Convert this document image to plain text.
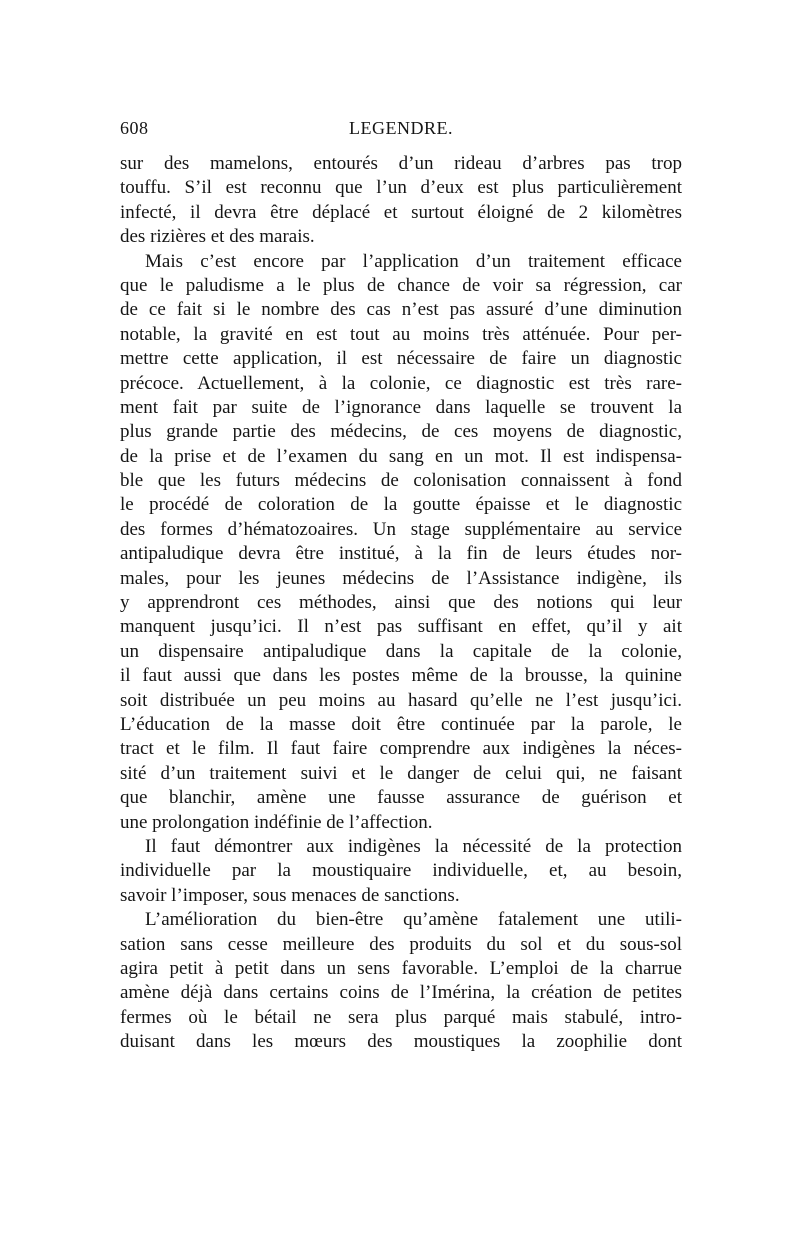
608	LEGENDRE.
sur des mamelons, entourés d’un rideau d’arbres pas trop
touffu. S’il est reconnu que l’un d’eux est plus particulièrement
infecté, il devra être déplacé et surtout éloigné de 2 kilomètres
des rizières et des marais.
Mais c’est encore par l’application d’un traitement efficace
que le paludisme a le plus de chance de voir sa régression, car
de ce fait si le nombre des cas n’est pas assuré d’une diminution
notable, la gravité en est tout au moins très atténuée. Pour per-
mettre cette application, il est nécessaire de faire un diagnostic
précoce. Actuellement, à la colonie, ce diagnostic est très rare-
ment fait par suite de l’ignorance dans laquelle se trouvent la
plus grande partie des médecins, de ces moyens de diagnostic,
de la prise et de l’examen du sang en un mot. Il est indispensa-
ble que les futurs médecins de colonisation connaissent à fond
le procédé de coloration de la goutte épaisse et le diagnostic
des formes d’hématozoaires. Un stage supplémentaire au service
antipaludique devra être institué, à la fin de leurs études nor-
males, pour les jeunes médecins de l’Assistance indigène, ils
y apprendront ces méthodes, ainsi que des notions qui leur
manquent jusqu’ici. Il n’est pas suffisant en effet, qu’il y ait
un dispensaire antipaludique dans la capitale de la colonie,
il faut aussi que dans les postes même de la brousse, la quinine
soit distribuée un peu moins au hasard qu’elle ne l’est jusqu’ici.
L’éducation de la masse doit être continuée par la parole, le
tract et le film. Il faut faire comprendre aux indigènes la néces-
sité d’un traitement suivi et le danger de celui qui, ne faisant
que blanchir, amène une fausse assurance de guérison et
une prolongation indéfinie de l’affection.
Il faut démontrer aux indigènes la nécessité de la protection
individuelle par la moustiquaire individuelle, et, au besoin,
savoir l’imposer, sous menaces de sanctions.
L’amélioration du bien-être qu’amène fatalement une utili-
sation sans cesse meilleure des produits du sol et du sous-sol
agira petit à petit dans un sens favorable. L’emploi de la charrue
amène déjà dans certains coins de l’Imérina, la création de petites
fermes où le bétail ne sera plus parqué mais stabulé, intro-
duisant dans les mœurs des moustiques la zoophilie dont
